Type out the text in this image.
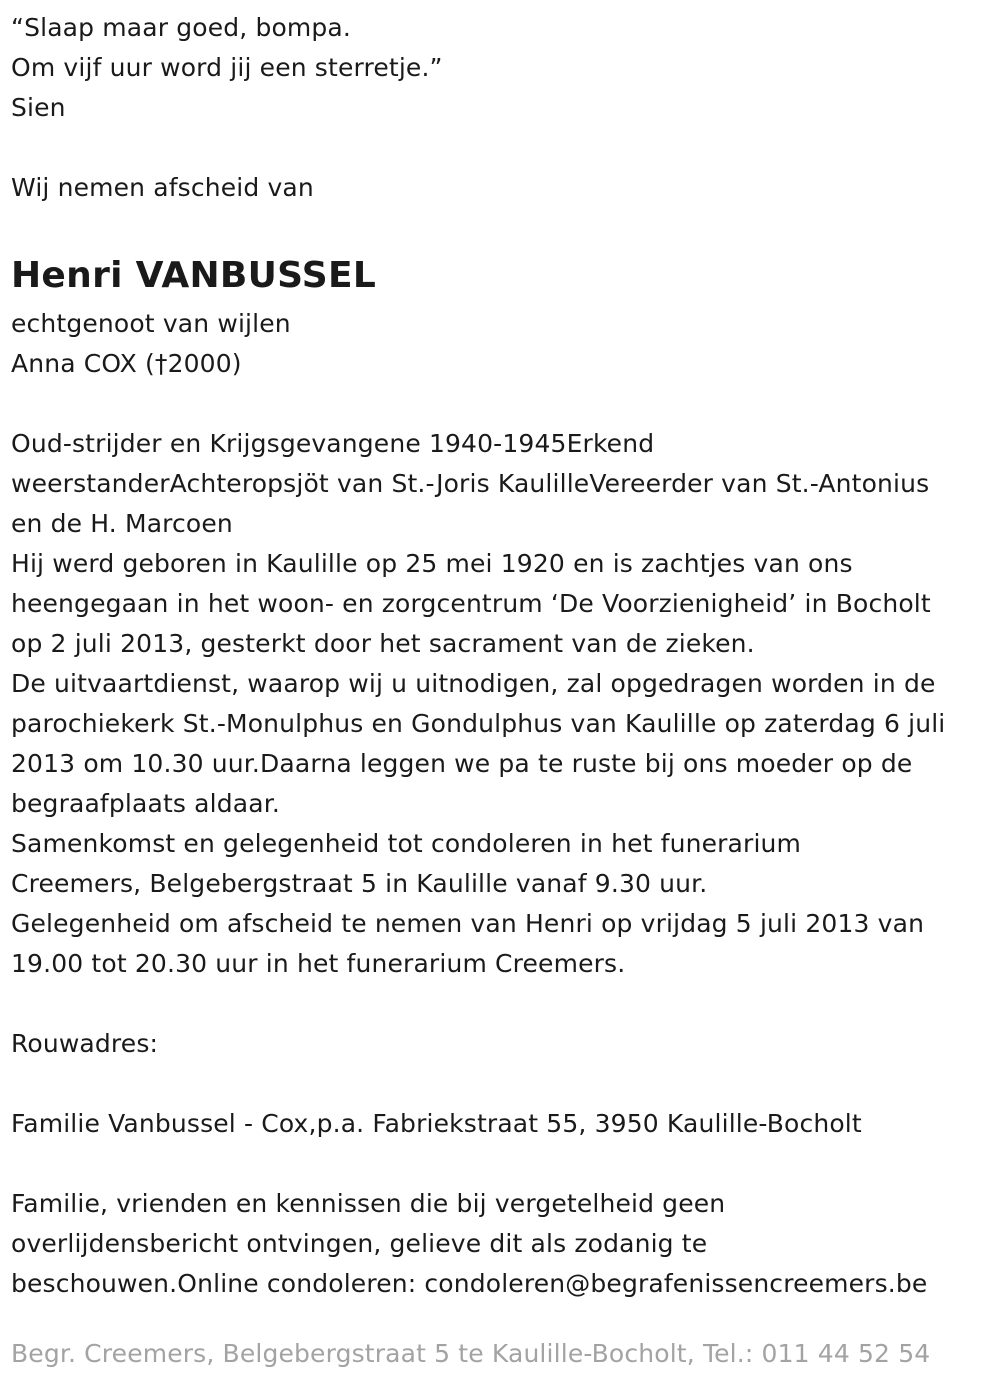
“Slaap maar goed, bompa.
Om vijf uur word jij een sterretje.”
Sien
Wij nemen afscheid van
Henri VANBUSSEL
echtgenoot van wijlen
Anna COX (†2000)
Oud-strijder en Krijgsgevangene 1940-1945Erkend
weerstanderAchteropsjöt van St.-Joris KaulilleVereerder van St.-Antonius
en de H. Marcoen
Hij werd geboren in Kaulille op 25 mei 1920 en is zachtjes van ons
heengegaan in het woon- en zorgcentrum ‘De Voorzienigheid’ in Bocholt
op 2 juli 2013, gesterkt door het sacrament van de zieken.
De uitvaartdienst, waarop wij u uitnodigen, zal opgedragen worden in de
parochiekerk St.-Monulphus en Gondulphus van Kaulille op zaterdag 6 juli
2013 om 10.30 uur.Daarna leggen we pa te ruste bij ons moeder op de
begraafplaats aldaar.
Samenkomst en gelegenheid tot condoleren in het funerarium
Creemers, Belgebergstraat 5 in Kaulille vanaf 9.30 uur.
Gelegenheid om afscheid te nemen van Henri op vrijdag 5 juli 2013 van
19.00 tot 20.30 uur in het funerarium Creemers.
Rouwadres:
Familie Vanbussel - Cox,p.a. Fabriekstraat 55, 3950 Kaulille-Bocholt
Familie, vrienden en kennissen die bij vergetelheid geen
overlijdensbericht ontvingen, gelieve dit als zodanig te
beschouwen.Online condoleren: condoleren@begrafenissencreemers.be
Begr. Creemers, Belgebergstraat 5 te Kaulille-Bocholt, Tel.: 011 44 52 54
